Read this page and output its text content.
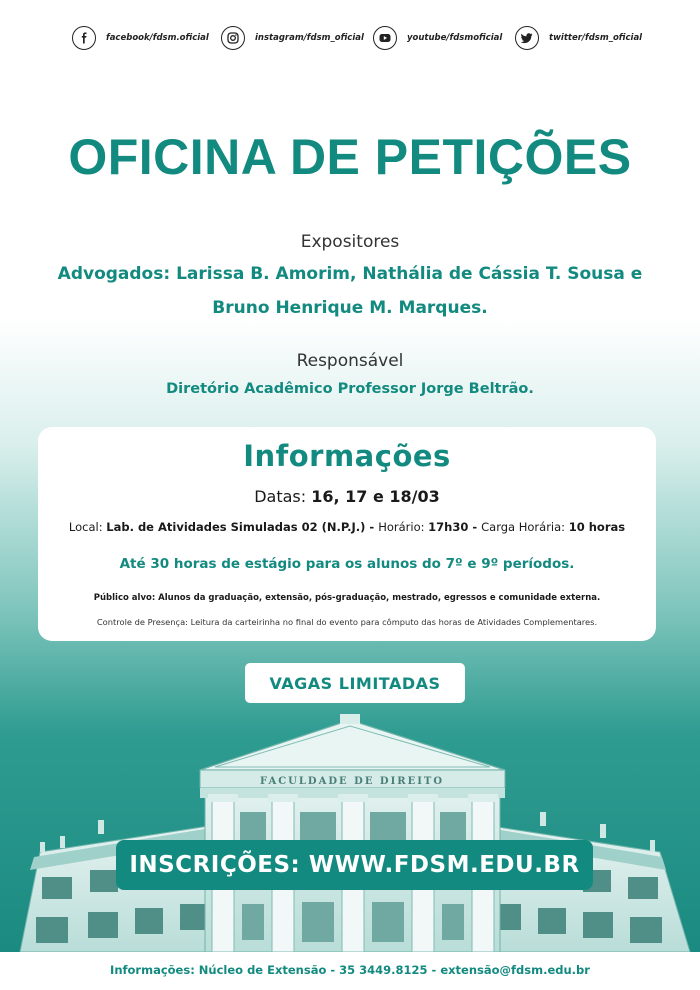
facebook/fdsm.oficial	instagram/fdsm_oficial	youtube/fdsmoficial	twitter/fdsm_oficial
OFICINA DE PETIÇÕES
Expositores
Advogados: Larissa B. Amorim, Nathália de Cássia T. Sousa e
Bruno Henrique M. Marques.
Responsável
Diretório Acadêmico Professor Jorge Beltrão.
Informações
Datas: 16, 17 e 18/03
Local: Lab. de Atividades Simuladas 02 (N.P.J.) - Horário: 17h30 - Carga Horária: 10 horas
Até 30 horas de estágio para os alunos do 7º e 9º períodos.
Público alvo: Alunos da graduação, extensão, pós-graduação, mestrado, egressos e comunidade externa.
Controle de Presença: Leitura da carteirinha no final do evento para cômputo das horas de Atividades Complementares.
VAGAS LIMITADAS
FACULDADE DE DIREITO
INSCRIÇÕES: WWW.FDSM.EDU.BR
Informações: Núcleo de Extensão - 35 3449.8125 - extensão@fdsm.edu.br
